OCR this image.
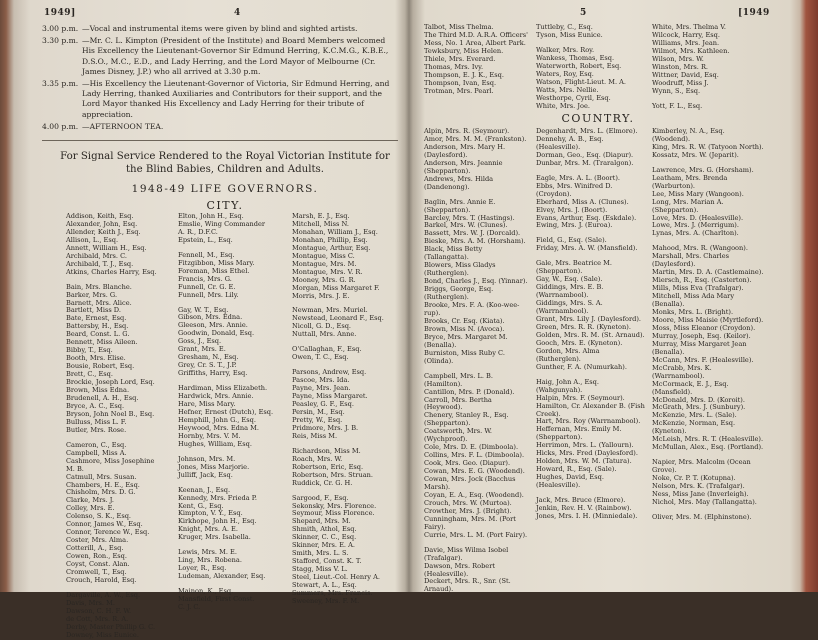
1949]	4
3.00 p.m. —Vocal and instrumental items were given by blind and sighted artists.
3.30 p.m. —Mr. C. L. Kimpton (President of the Institute) and Board Members welcomed His Excellency the Lieutenant-Governor Sir Edmund Herring, K.C.M.G., K.B.E., D.S.O., M.C., E.D., and Lady Herring, and the Lord Mayor of Melbourne (Cr. James Disney, J.P.) who all arrived at 3.30 p.m.
3.35 p.m. —His Excellency the Lieutenant-Governor of Victoria, Sir Edmund Herring, and Lady Herring, thanked Auxiliaries and Contributors for their support, and the Lord Mayor thanked His Excellency and Lady Herring for their tribute of appreciation.
4.00 p.m. —AFTERNOON TEA.
For Signal Service Rendered to the Royal Victorian Institute for the Blind Babies, Children and Adults.
1948-49 LIFE GOVERNORS.
CITY.
Addison, Keith, Esq.
Alexander, John, Esq.
Allender, Keith J., Esq.
Allison, L., Esq.
Annett, William H., Esq.
Archibald, Mrs. C.
Archibald, T. J., Esq.
Atkins, Charles Harry, Esq.
Bain, Mrs. Blanche.
Barker, Mrs. G.
Barnett, Mrs. Alice.
Bartlett, Miss D.
Bate, Ernest, Esq.
Battersby, H., Esq.
Beard, Const. L. G.
Bennett, Miss Aileen.
Bibby, T., Esq.
Booth, Mrs. Elise.
Bousie, Robert, Esq.
Brett, C., Esq.
Brockie, Joseph Lord, Esq.
Brown, Miss Edna.
Brudenell, A. H., Esq.
Bryce, A. C., Esq.
Bryson, John Noel B., Esq.
Bulluss, Miss L. F.
Butler, Mrs. Rose.
Cameron, C., Esq.
Campbell, Miss A.
Cashmore, Miss Josephine
M. B.
Catmull, Mrs. Susan.
Chambers, H. E., Esq.
Chisholm, Mrs. D. G.
Clarke, Mrs. J.
Colley, Mrs. E.
Colenso, S. K., Esq.
Connor, James W., Esq.
Connor, Terence W., Esq.
Coster, Mrs. Alma.
Cotterill, A., Esq.
Cowen, Ron., Esq.
Coyst, Const. Alan.
Cromwell, T., Esq.
Crouch, Harold, Esq.
Dargaville, A. W., Esq.
Davis, Mrs. M.
Dawson, C. H. F. W.
de Cott, Mrs. R. A.
Derby, Master Phillip G. C.
Downey, Miss Eunice.
Elton, John H., Esq.
Emslie, Wing Commander
A. R., D.F.C.
Epstein, L., Esq.
Fennell, M., Esq.
Fitzgibbon, Miss Mary.
Foreman, Miss Ethel.
Francis, Mrs. G.
Funnell, Cr. G. E.
Funnell, Mrs. Lily.
Gay, W. T., Esq.
Gibson, Mrs. Edna.
Gleeson, Mrs. Annie.
Goodwin, Donald, Esq.
Goss, J., Esq.
Grant, Mrs. E.
Gresham, N., Esq.
Grey, Cr. S. T., J.P.
Griffiths, Harry, Esq.
Hardiman, Miss Elizabeth.
Hardwick, Mrs. Annie.
Hare, Miss Mary.
Hefner, Ernest (Dutch), Esq.
Hemphill, John G., Esq.
Heywood, Mrs. Edna M.
Hornby, Mrs. V. M.
Hughes, William, Esq.
Johnson, Mrs. M.
Jones, Miss Marjorie.
Julliff, Jack, Esq.
Keenan, J., Esq.
Kennedy, Mrs. Frieda P.
Kent, G., Esq.
Kimpton, V. Y., Esq.
Kirkhope, John H., Esq.
Knight, Mrs. A. E.
Kruger, Mrs. Isabella.
Lewis, Mrs. M. E.
Ling, Mrs. Robena.
Loyer, R., Esq.
Ludeman, Alexander, Esq.
Mainon, K., Esq.
Mansfield, First Const.
C. J. C.
Marsh, E. J., Esq.
Mitchell, Miss N.
Monahan, William J., Esq.
Monahan, Phillip, Esq.
Montague, Arthur, Esq.
Montague, Miss C.
Montague, Mrs. M.
Montague, Mrs. V. R.
Mooney, Mrs. G. R.
Morgan, Miss Margaret F.
Morris, Mrs. J. E.
Newman, Mrs. Muriel.
Newstead, Leonard F., Esq.
Nicoll, G. D., Esq.
Nuttall, Mrs. Anne.
O'Callaghan, F., Esq.
Owen, T. C., Esq.
Parsons, Andrew, Esq.
Pascoe, Mrs. Ida.
Payne, Mrs. Jean.
Payne, Miss Margaret.
Peasley, G. F., Esq.
Persin, M., Esq.
Pretty, W., Esq.
Pridmore, Mrs. J. B.
Reis, Miss M.
Richardson, Miss M.
Roach, Mrs. W.
Robertson, Eric, Esq.
Robertson, Mrs. Struan.
Ruddick, Cr. G. H.
Sargood, F., Esq.
Sekonsky, Mrs. Florence.
Seymour, Miss Florence.
Shepard, Mrs. M.
Shmith, Athol, Esq.
Skinner, C. C., Esq.
Skinner, Mrs. E. A.
Smith, Mrs. L. S.
Stafford, Const. K. T.
Stagg, Miss V. L.
Steel, Lieut.-Col. Henry A.
Stewart, A. L., Esq.
Summers, Mrs. Francis.
Sweeney, Mrs. F. M.
5	[1949
Talbot, Miss Thelma.
The Third M.D. A.R.A. Officers' Mess, No. 1 Area, Albert Park.
Tewksbury, Miss Helen.
Thiele, Mrs. Everard.
Thomas, Mrs. Ivy.
Thompson, E. J. K., Esq.
Thompson, Ivan, Esq.
Trotman, Mrs. Pearl.
Tuttleby, C., Esq.
Tyson, Miss Eunice.
Walker, Mrs. Roy.
Wankess, Thomas, Esq.
Waterworth, Robert, Esq.
Waters, Roy, Esq.
Watson, Flight-Lieut. M. A.
Watts, Mrs. Nellie.
Westhorpe, Cyril, Esq.
White, Mrs. Joe.
White, Mrs. Thelma V.
Wilcock, Harry, Esq.
Williams, Mrs. Jean.
Wilmot, Mrs. Kathleen.
Wilson, Mrs. W.
Winston, Mrs. R.
Wittner, David, Esq.
Woodruff, Miss J.
Wynn, S., Esq.
Yott, F. L., Esq.
COUNTRY.
Alpin, Mrs. R. (Seymour).
Amor, Mrs. M. M. (Frankston).
Anderson, Mrs. Mary H. (Daylesford).
Anderson, Mrs. Jeannie (Shepparton).
Andrews, Mrs. Hilda (Dandenong).
Baglin, Mrs. Annie E. (Shepparton).
Barcley, Mrs. T. (Hastings).
Barkel, Mrs. W. (Clunes).
Bassett, Mrs. W. J. (Dorcald).
Bieske, Mrs. A. M. (Horsham).
Black, Miss Betty (Tallangatta).
Blowers, Miss Gladys (Rutherglen).
Bond, Charles J., Esq. (Yinnar).
Briggs, George, Esq. (Rutherglen).
Brooke, Mrs. F. A. (Koo-wee-rup).
Brooks, Cr. Esq. (Kiata).
Brown, Miss N. (Avoca).
Bryce, Mrs. Margaret M. (Benalla).
Burniston, Miss Ruby C. (Olinda).
Campbell, Mrs. L. B. (Hamilton).
Cantillon, Mrs. P. (Donald).
Carroll, Mrs. Bertha (Heywood).
Chenery, Stanley R., Esq. (Shepparton).
Coatsworth, Mrs. W. (Wychproof).
Cole, Mrs. D. E. (Dimboola).
Collins, Mrs. F. L. (Dimboola).
Cook, Mrs. Geo. (Diapur).
Cowan, Mrs. E. G. (Woodend).
Cowan, Mrs. Jock (Bacchus Marsh).
Coyan, E. A., Esq. (Woodend).
Crouch, Mrs. W. (Murtoa).
Crowther, Mrs. J. (Bright).
Cunningham, Mrs. M. (Port Fairy).
Currie, Mrs. L. M. (Port Fairy).
Davie, Miss Wilma Isobel (Trafalgar).
Dawson, Mrs. Robert (Healesville).
Deckert, Mrs. R., Snr. (St. Arnaud).
Degenhardt, Mrs. L. (Elmore).
Dennehy, A. B., Esq. (Healesville).
Dorman, Geo., Esq. (Diapur).
Dunbar, Mrs. M. (Traralgon).
Eagle, Mrs. A. L. (Boort).
Ebbs, Mrs. Winifred D. (Croydon).
Eberhard, Miss A. (Clunes).
Elvey, Mrs. J. (Boort).
Evans, Arthur, Esq. (Eskdale).
Ewing, Mrs. J. (Euroa).
Field, G., Esq. (Sale).
Friday, Mrs. A. W. (Mansfield).
Gale, Mrs. Beatrice M. (Shepparton).
Gay, W., Esq. (Sale).
Giddings, Mrs. E. B. (Warrnambool).
Giddings, Mrs. S. A. (Warrnambool).
Grant, Mrs. Lily J. (Daylesford).
Green, Mrs. R. R. (Kyneton).
Golden, Mrs. R. M. (St. Arnaud).
Gooch, Mrs. E. (Kyneton).
Gordon, Mrs. Alma (Rutherglen).
Gunther, F. A. (Numurkah).
Haig, John A., Esq. (Wahgunyah).
Halpin, Mrs. F. (Seymour).
Hamilton, Cr. Alexander B. (Fish Creek).
Hart, Mrs. Roy (Warrnambool).
Heffernan, Mrs. Emily M. (Shepparton).
Herrimon, Mrs. L. (Yallourn).
Hicks, Mrs. Fred (Daylesford).
Holden, Mrs. W. M. (Tatura).
Howard, R., Esq. (Sale).
Hughes, David, Esq. (Healesville).
Jack, Mrs. Bruce (Elmore).
Jenkin, Rev. H. V. (Rainbow).
Jones, Mrs. I. H. (Minniedale).
Kimberley, N. A., Esq. (Woodend).
King, Mrs. R. W. (Tatyoon North).
Kossatz, Mrs. W. (Jeparit).
Lawrence, Mrs. G. (Horsham).
Leatham, Mrs. Brenda (Warburton).
Lee, Miss Mary (Wangoon).
Long, Mrs. Marian A. (Shepparton).
Love, Mrs. D. (Healesville).
Lowe, Mrs. J. (Merrigum).
Lynas, Mrs. A. (Charlton).
Mahood, Mrs. R. (Wangoon).
Marshall, Mrs. Charles (Daylesford).
Martin, Mrs. D. A. (Castlemaine).
Miersch, R., Esq. (Casterton).
Mills, Miss Eva (Trafalgar).
Mitchell, Miss Ada Mary (Benalla).
Monks, Mrs. L. (Bright).
Moore, Miss Maisie (Myrtleford).
Moss, Miss Eleanor (Croydon).
Murray, Joseph, Esq. (Keilor).
Murray, Miss Margaret Jean (Benalla).
McCann, Mrs. F. (Healesville).
McCrabb, Mrs. K. (Warrnambool).
McCormack, E. J., Esq. (Mansfield).
McDonald, Mrs. D. (Koroit).
McGrath, Mrs. J. (Sunbury).
McKenzie, Mrs. L. (Sale).
McKenzie, Norman, Esq. (Kyneton).
McLeish, Mrs. R. T. (Healesville).
McMullan, Alex., Esq. (Portland).
Napier, Mrs. Malcolm (Ocean Grove).
Noke, Cr. P. T. (Kotupna).
Nelson, Mrs. K. (Trafalgar).
Ness, Miss Jane (Inverleigh).
Nichol, Mrs. May (Tallangatta).
Oliver, Mrs. M. (Elphinstone).
